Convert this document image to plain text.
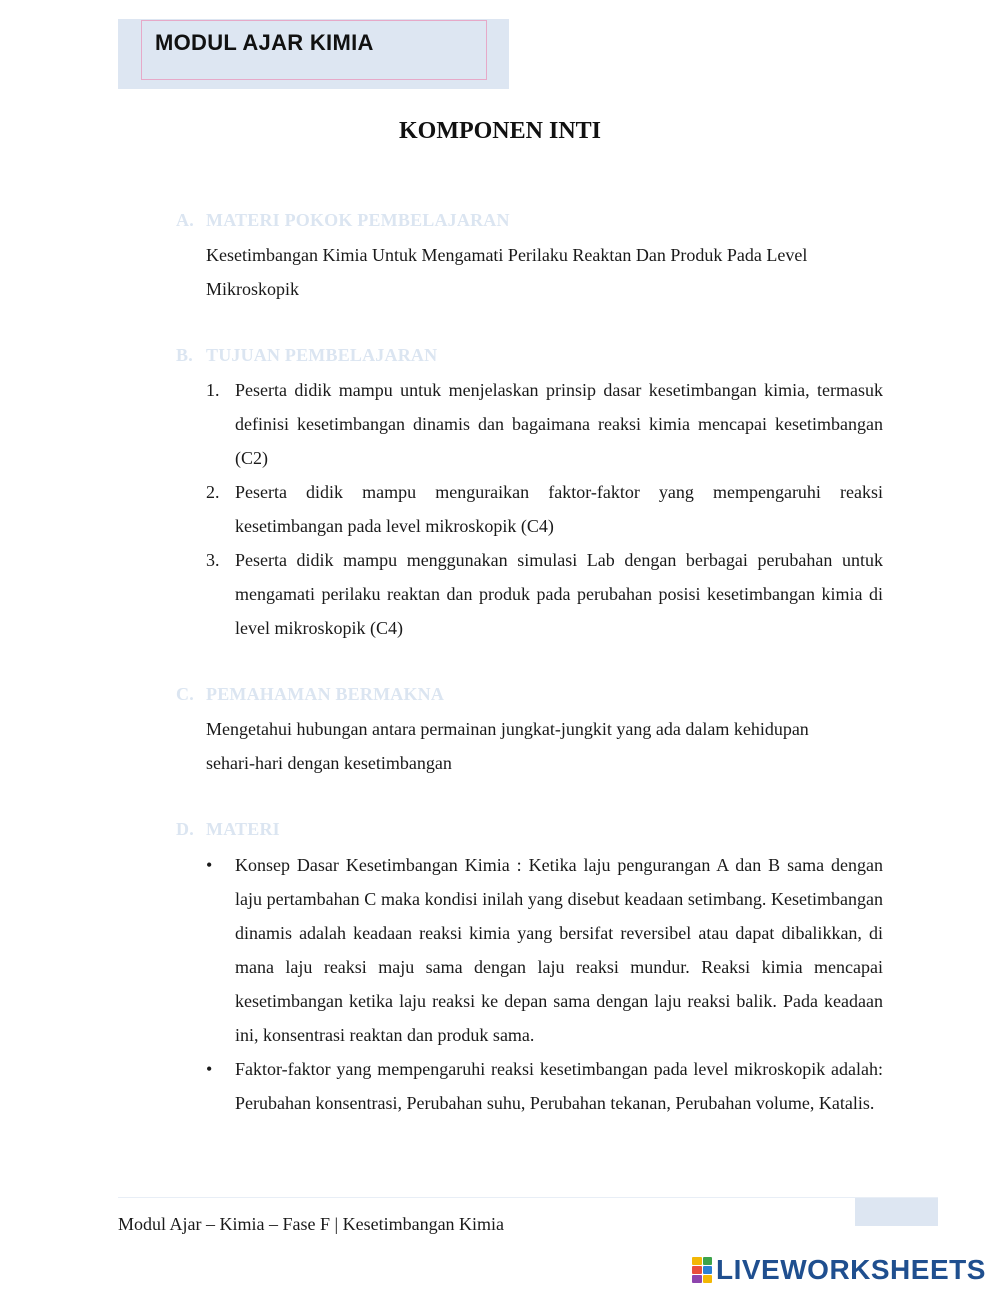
MODUL AJAR KIMIA
KOMPONEN INTI
A. MATERI POKOK PEMBELAJARAN
Kesetimbangan Kimia Untuk Mengamati Perilaku Reaktan Dan Produk Pada Level
Mikroskopik
B. TUJUAN PEMBELAJARAN
1. Peserta didik mampu untuk menjelaskan prinsip dasar kesetimbangan kimia, termasuk definisi kesetimbangan dinamis dan bagaimana reaksi kimia mencapai kesetimbangan (C2)
2. Peserta didik mampu menguraikan faktor-faktor yang mempengaruhi reaksi kesetimbangan pada level mikroskopik (C4)
3. Peserta didik mampu menggunakan simulasi Lab dengan berbagai perubahan untuk mengamati perilaku reaktan dan produk pada perubahan posisi kesetimbangan kimia di level mikroskopik (C4)
C. PEMAHAMAN BERMAKNA
Mengetahui hubungan antara permainan jungkat-jungkit yang ada dalam kehidupan
sehari-hari dengan kesetimbangan
D. MATERI
• Konsep Dasar Kesetimbangan Kimia : Ketika laju pengurangan A dan B sama dengan laju pertambahan C maka kondisi inilah yang disebut keadaan setimbang. Kesetimbangan dinamis adalah keadaan reaksi kimia yang bersifat reversibel atau dapat dibalikkan, di mana laju reaksi maju sama dengan laju reaksi mundur. Reaksi kimia mencapai kesetimbangan ketika laju reaksi ke depan sama dengan laju reaksi balik. Pada keadaan ini, konsentrasi reaktan dan produk sama.
• Faktor-faktor yang mempengaruhi reaksi kesetimbangan pada level mikroskopik adalah: Perubahan konsentrasi, Perubahan suhu, Perubahan tekanan, Perubahan volume, Katalis.
Modul Ajar – Kimia – Fase F | Kesetimbangan Kimia
LIVEWORKSHEETS
